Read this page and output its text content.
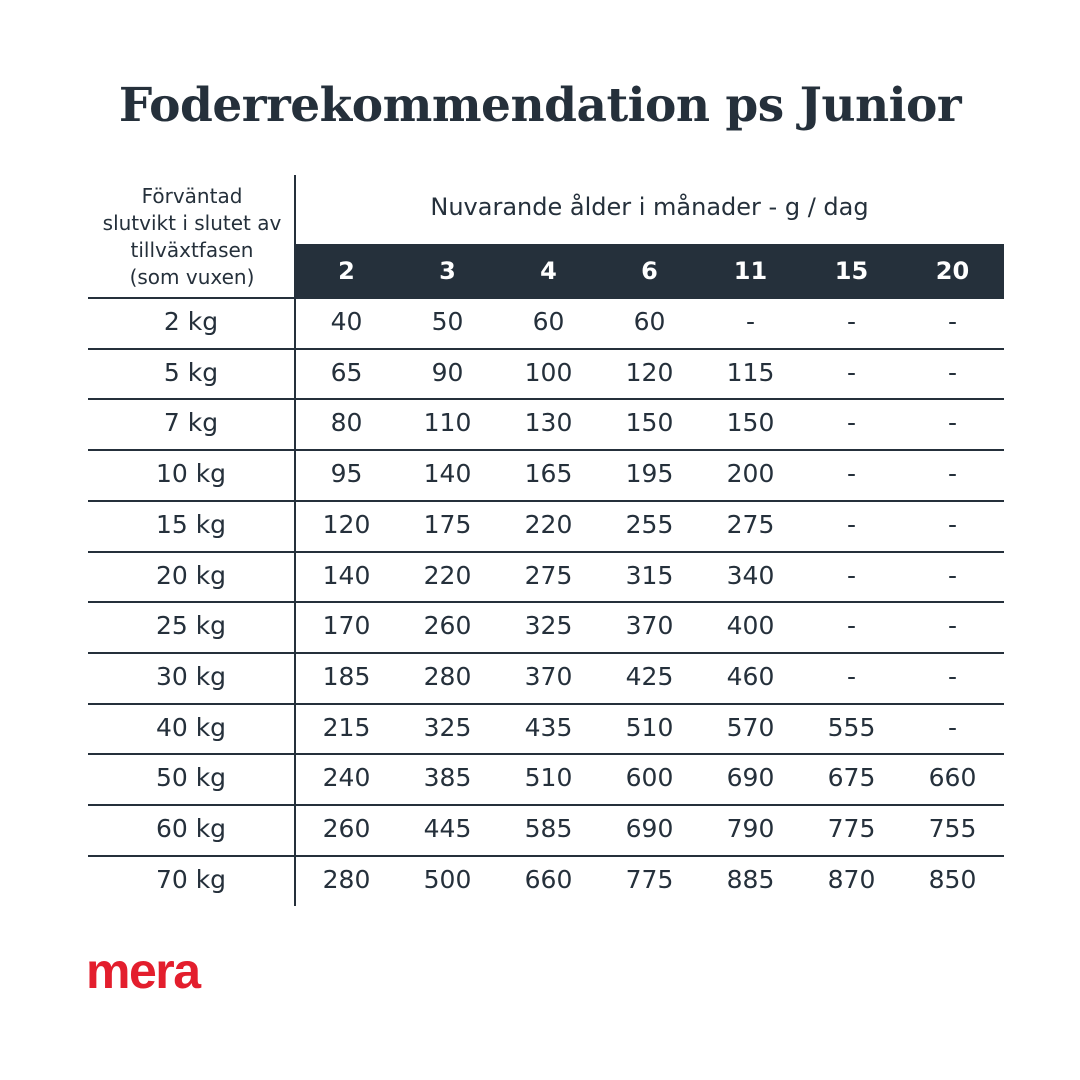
Foderrekommendation ps Junior
Förväntad
slutvikt i slutet av
tillväxtfasen
(som vuxen)
Nuvarande ålder i månader - g / dag
2	3	4	6	11	15	20
2 kg	40	50	60	60	-	-	-
5 kg	65	90	100	120	115	-	-
7 kg	80	110	130	150	150	-	-
10 kg	95	140	165	195	200	-	-
15 kg	120	175	220	255	275	-	-
20 kg	140	220	275	315	340	-	-
25 kg	170	260	325	370	400	-	-
30 kg	185	280	370	425	460	-	-
40 kg	215	325	435	510	570	555	-
50 kg	240	385	510	600	690	675	660
60 kg	260	445	585	690	790	775	755
70 kg	280	500	660	775	885	870	850
mera
